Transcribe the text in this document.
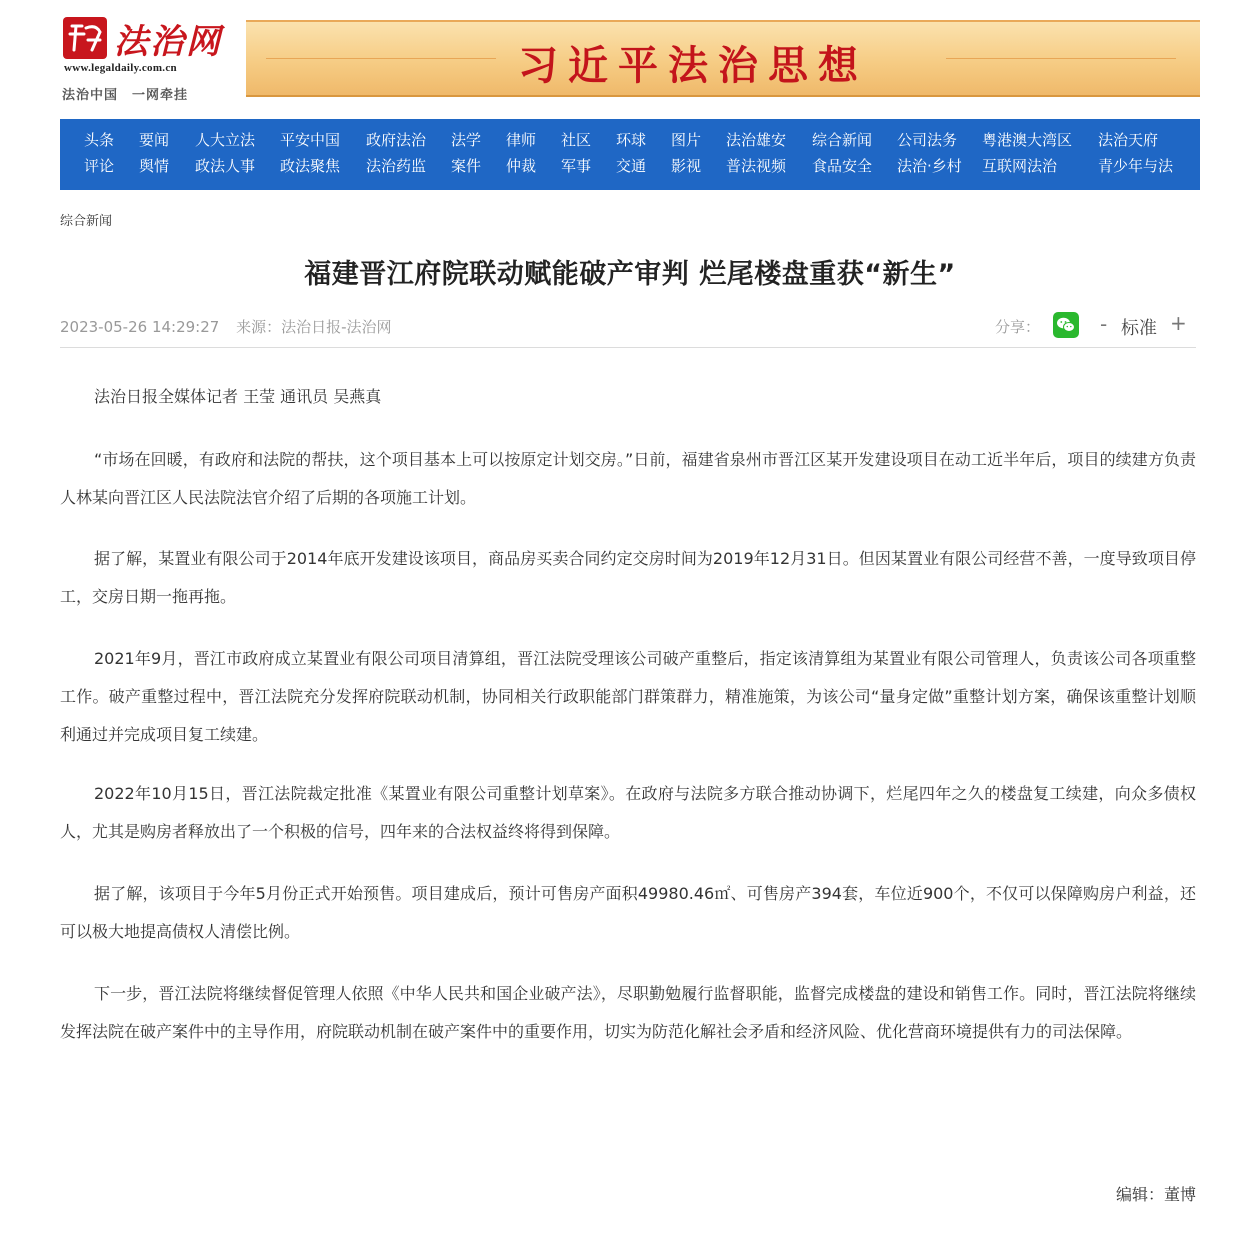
法治网
www.legaldaily.com.cn
法治中国　一网牵挂
习近平法治思想
头条 要闻 人大立法 平安中国 政府法治 法学 律师 社区 环球 图片 法治雄安 综合新闻 公司法务 粤港澳大湾区 法治天府
评论 舆情 政法人事 政法聚焦 法治药监 案件 仲裁 军事 交通 影视 普法视频 食品安全 法治·乡村 互联网法治	青少年与法
综合新闻
福建晋江府院联动赋能破产审判 烂尾楼盘重获“新生”
2023-05-26 14:29:27 来源：法治日报-法治网	分享：	- 标准 +

法治日报全媒体记者 王莹 通讯员 吴燕真

“市场在回暖，有政府和法院的帮扶，这个项目基本上可以按原定计划交房。”日前，福建省泉州市晋江区某开发建设项目在动工近半年后，项目的续建方负责人林某向晋江区人民法院法官介绍了后期的各项施工计划。

据了解，某置业有限公司于2014年底开发建设该项目，商品房买卖合同约定交房时间为2019年12月31日。但因某置业有限公司经营不善，一度导致项目停工，交房日期一拖再拖。

2021年9月，晋江市政府成立某置业有限公司项目清算组，晋江法院受理该公司破产重整后，指定该清算组为某置业有限公司管理人，负责该公司各项重整工作。破产重整过程中，晋江法院充分发挥府院联动机制，协同相关行政职能部门群策群力，精准施策，为该公司“量身定做”重整计划方案，确保该重整计划顺利通过并完成项目复工续建。

2022年10月15日，晋江法院裁定批准《某置业有限公司重整计划草案》。在政府与法院多方联合推动协调下，烂尾四年之久的楼盘复工续建，向众多债权人，尤其是购房者释放出了一个积极的信号，四年来的合法权益终将得到保障。

据了解，该项目于今年5月份正式开始预售。项目建成后，预计可售房产面积49980.46㎡、可售房产394套，车位近900个，不仅可以保障购房户利益，还可以极大地提高债权人清偿比例。

下一步，晋江法院将继续督促管理人依照《中华人民共和国企业破产法》，尽职勤勉履行监督职能，监督完成楼盘的建设和销售工作。同时，晋江法院将继续发挥法院在破产案件中的主导作用，府院联动机制在破产案件中的重要作用，切实为防范化解社会矛盾和经济风险、优化营商环境提供有力的司法保障。

编辑：董博
